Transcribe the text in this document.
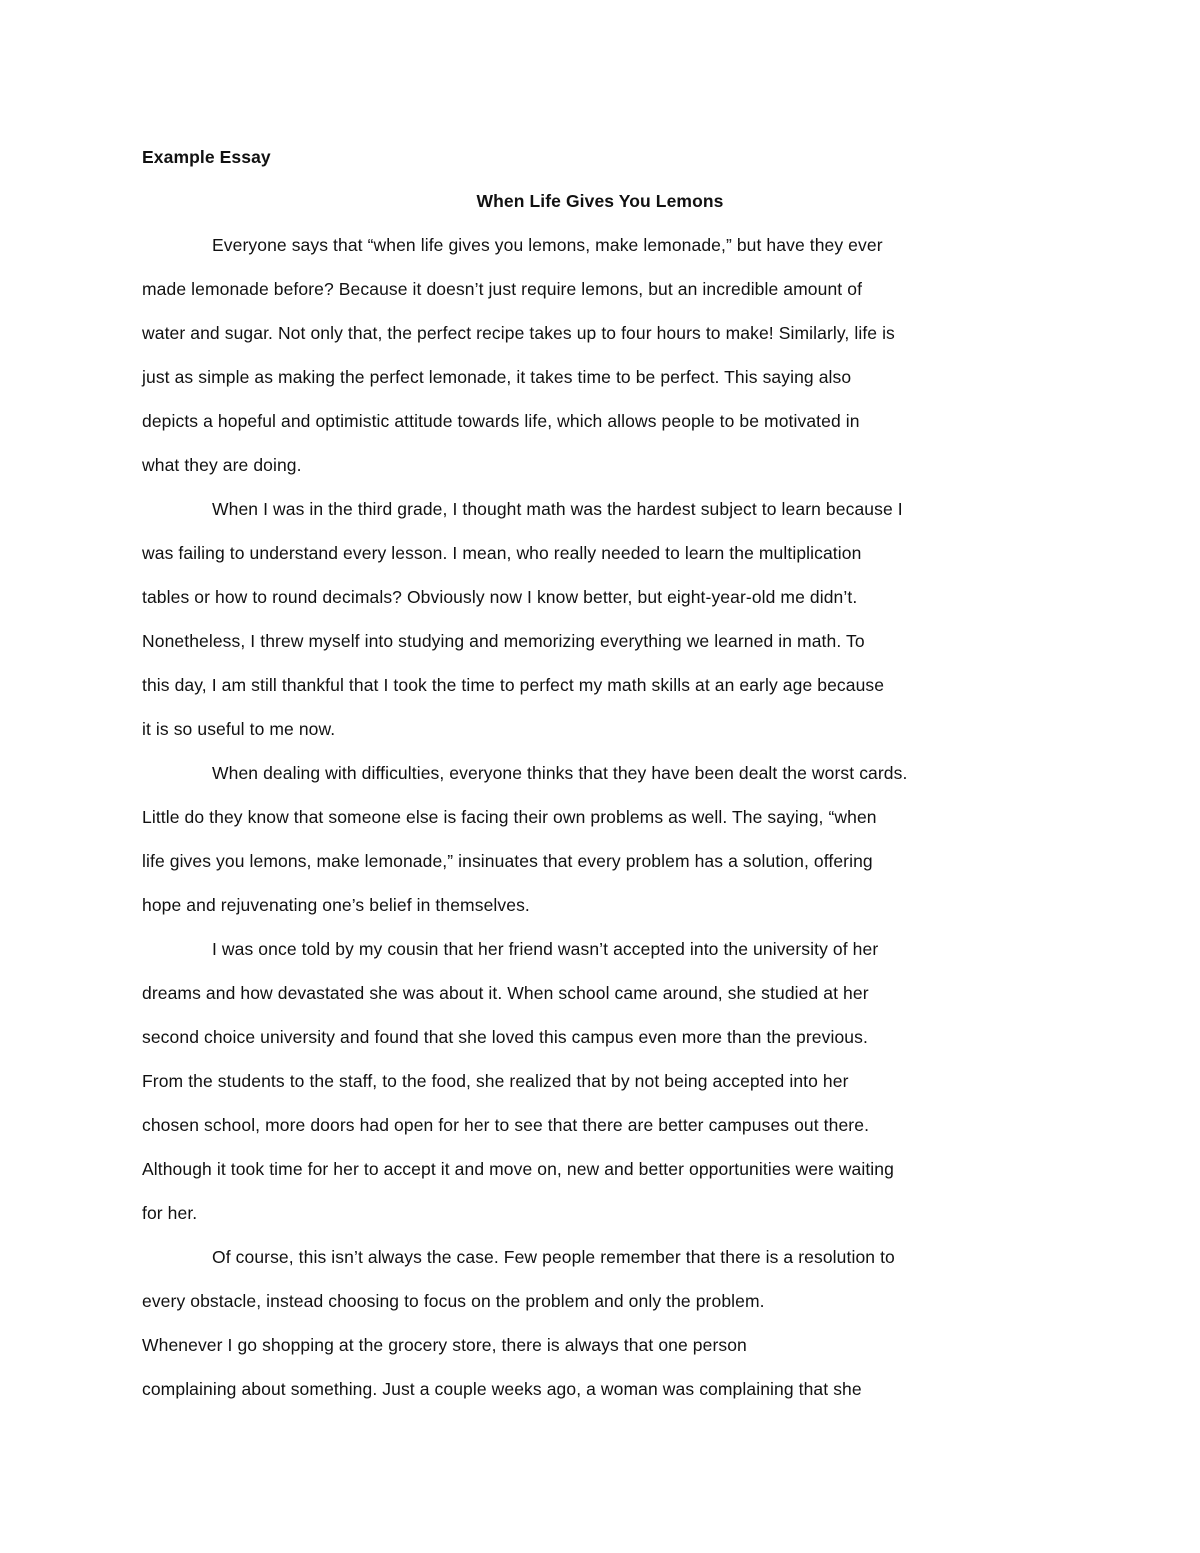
Example Essay
When Life Gives You Lemons
Everyone says that “when life gives you lemons, make lemonade,” but have they ever
made lemonade before? Because it doesn’t just require lemons, but an incredible amount of
water and sugar. Not only that, the perfect recipe takes up to four hours to make! Similarly, life is
just as simple as making the perfect lemonade, it takes time to be perfect. This saying also
depicts a hopeful and optimistic attitude towards life, which allows people to be motivated in
what they are doing.
When I was in the third grade, I thought math was the hardest subject to learn because I
was failing to understand every lesson. I mean, who really needed to learn the multiplication
tables or how to round decimals? Obviously now I know better, but eight-year-old me didn’t.
Nonetheless, I threw myself into studying and memorizing everything we learned in math. To
this day, I am still thankful that I took the time to perfect my math skills at an early age because
it is so useful to me now.
When dealing with difficulties, everyone thinks that they have been dealt the worst cards.
Little do they know that someone else is facing their own problems as well. The saying, “when
life gives you lemons, make lemonade,” insinuates that every problem has a solution, offering
hope and rejuvenating one’s belief in themselves.
I was once told by my cousin that her friend wasn’t accepted into the university of her
dreams and how devastated she was about it. When school came around, she studied at her
second choice university and found that she loved this campus even more than the previous.
From the students to the staff, to the food, she realized that by not being accepted into her
chosen school, more doors had open for her to see that there are better campuses out there.
Although it took time for her to accept it and move on, new and better opportunities were waiting
for her.
Of course, this isn’t always the case. Few people remember that there is a resolution to
every obstacle, instead choosing to focus on the problem and only the problem.
Whenever I go shopping at the grocery store, there is always that one person
complaining about something. Just a couple weeks ago, a woman was complaining that she
